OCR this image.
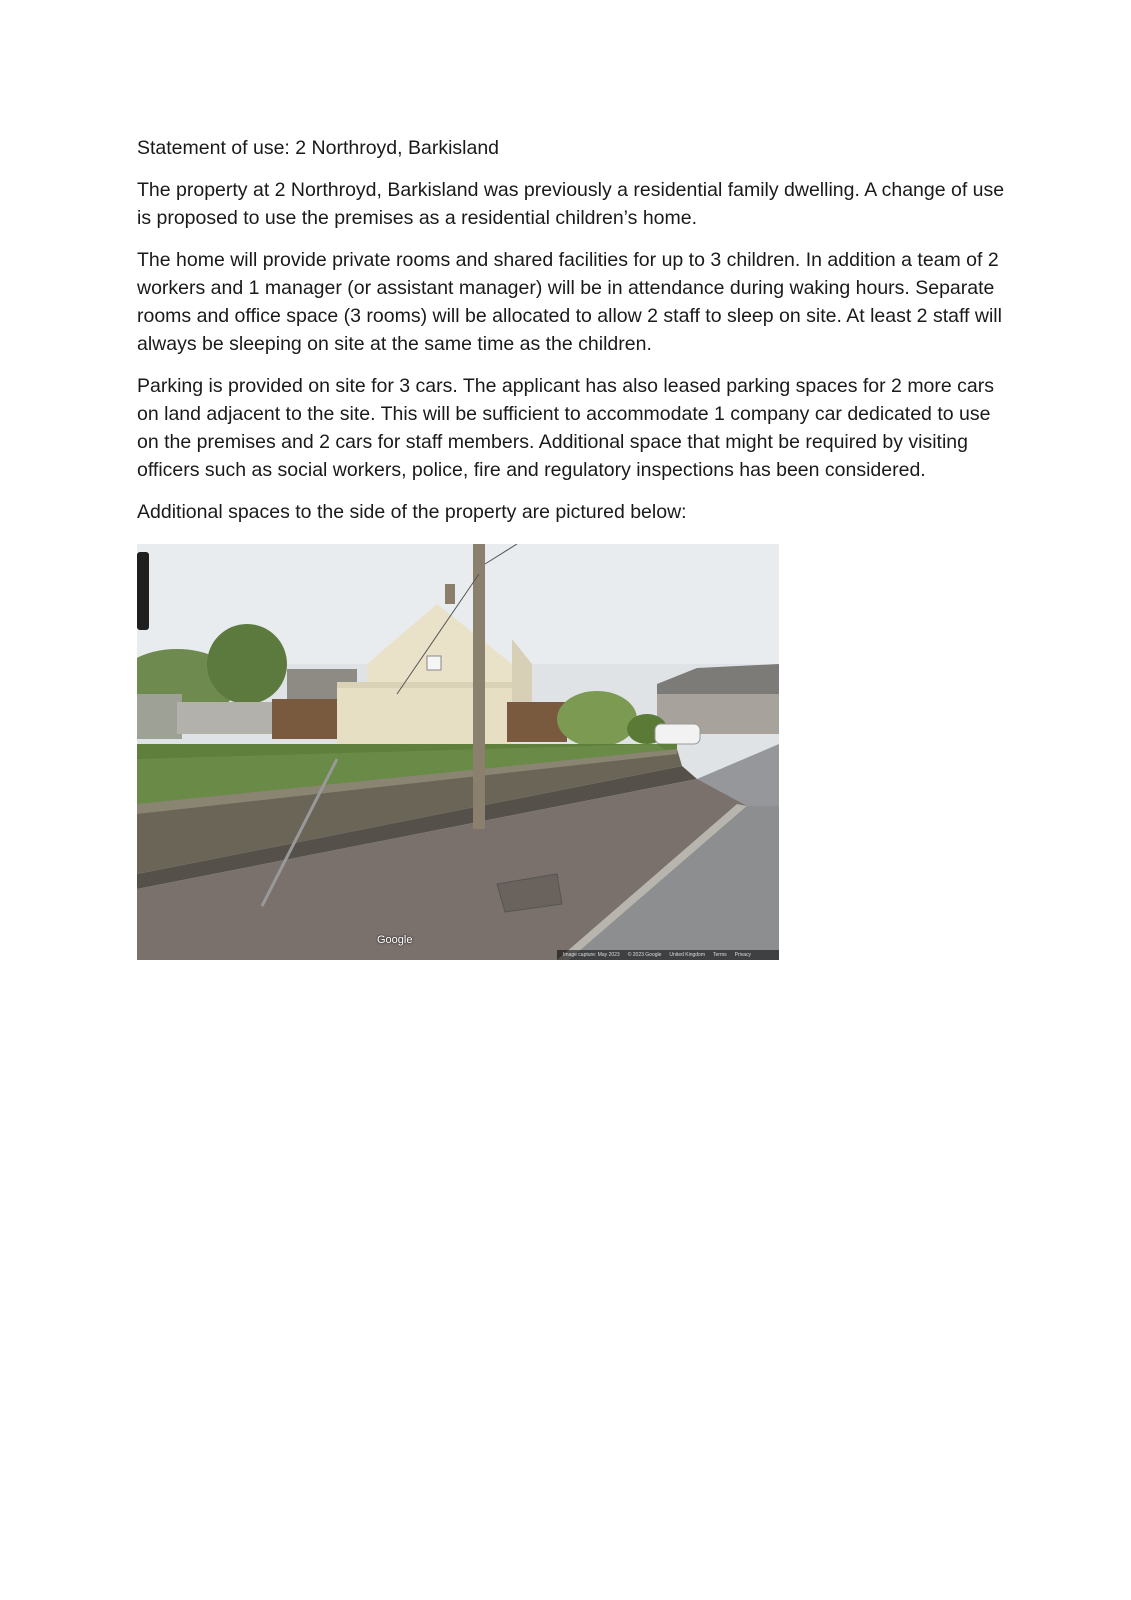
Statement of use: 2 Northroyd, Barkisland

The property at 2 Northroyd, Barkisland was previously a residential family dwelling. A change of use is proposed to use the premises as a residential children’s home.

The home will provide private rooms and shared facilities for up to 3 children. In addition a team of 2 workers and 1 manager (or assistant manager) will be in attendance during waking hours. Separate rooms and office space (3 rooms) will be allocated to allow 2 staff to sleep on site. At least 2 staff will always be sleeping on site at the same time as the children.

Parking is provided on site for 3 cars. The applicant has also leased parking spaces for 2 more cars on land adjacent to the site. This will be sufficient to accommodate 1 company car dedicated to use on the premises and 2 cars for staff members. Additional space that might be required by visiting officers such as social workers, police, fire and regulatory inspections has been considered.

Additional spaces to the side of the property are pictured below:

Google
Image capture: May 2023 © 2023 Google United Kingdom Terms Privacy
